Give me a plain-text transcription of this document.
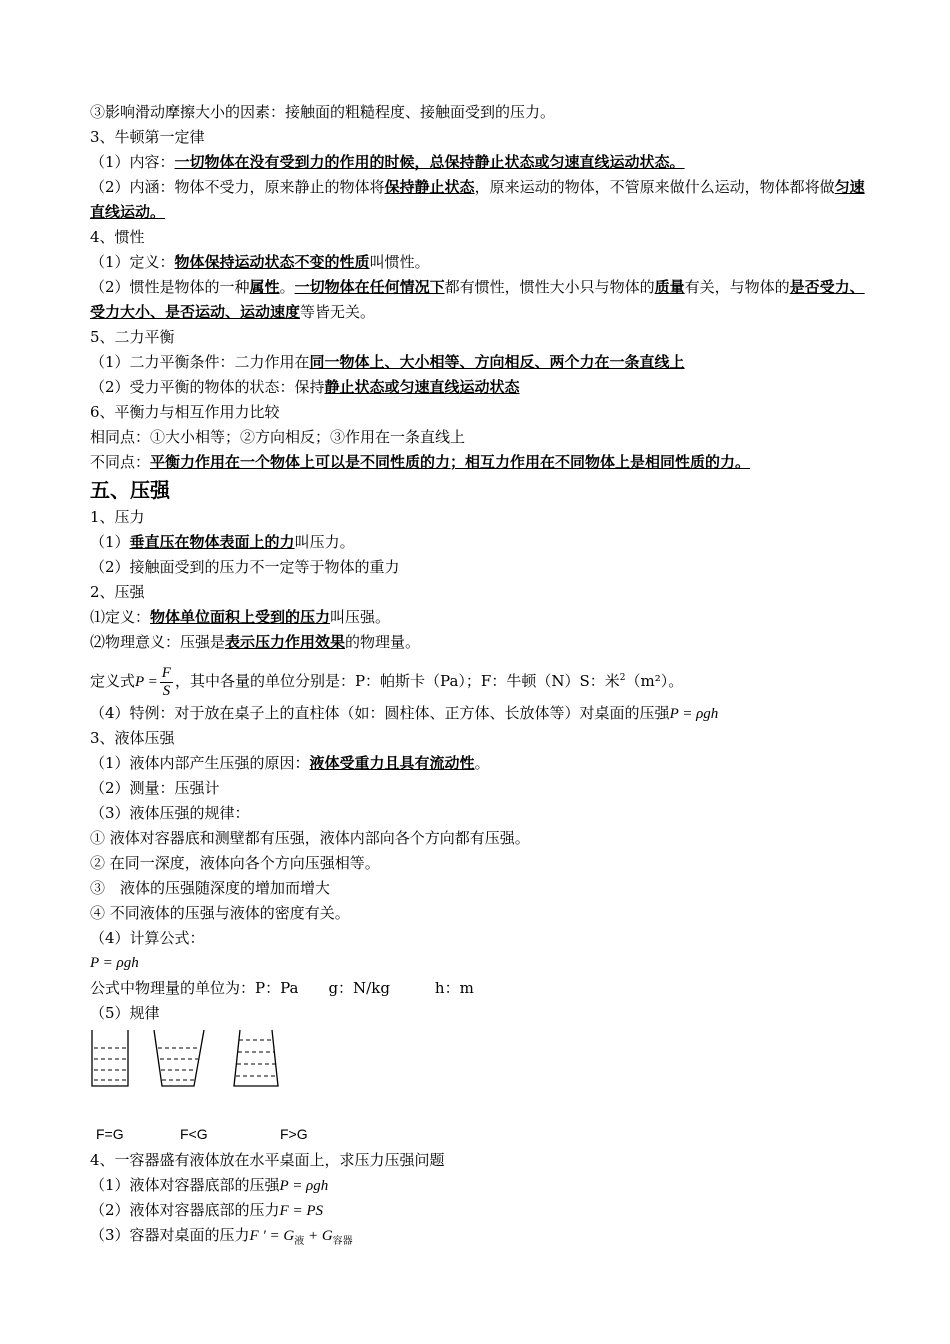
③影响滑动摩擦大小的因素：接触面的粗糙程度、接触面受到的压力。
3、牛顿第一定律
（1）内容：一切物体在没有受到力的作用的时候，总保持静止状态或匀速直线运动状态。
（2）内涵：物体不受力，原来静止的物体将保持静止状态，原来运动的物体，不管原来做什么运动，物体都将做匀速直线运动。
4、惯性
（1）定义：物体保持运动状态不变的性质叫惯性。
（2）惯性是物体的一种属性。一切物体在任何情况下都有惯性，惯性大小只与物体的质量有关，与物体的是否受力、受力大小、是否运动、运动速度等皆无关。
5、二力平衡
（1）二力平衡条件：二力作用在同一物体上、大小相等、方向相反、两个力在一条直线上
（2）受力平衡的物体的状态：保持静止状态或匀速直线运动状态
6、平衡力与相互作用力比较
相同点：①大小相等；②方向相反；③作用在一条直线上
不同点：平衡力作用在一个物体上可以是不同性质的力；相互力作用在不同物体上是相同性质的力。
五、压强
1、压力
（1）垂直压在物体表面上的力叫压力。
（2）接触面受到的压力不一定等于物体的重力
2、压强
⑴定义：物体单位面积上受到的压力叫压强。
⑵物理意义：压强是表示压力作用效果的物理量。
定义式$P = \frac{F}{S}$ ，其中各量的单位分别是：P：帕斯卡（Pa）；F：牛顿（N）S：米$^2$（m²）。
（4）特例：对于放在桌子上的直柱体（如：圆柱体、正方体、长放体等）对桌面的压强P = ρgh
3、液体压强
（1）液体内部产生压强的原因：液体受重力且具有流动性。
（2）测量：压强计
（3）液体压强的规律：
① 液体对容器底和测壁都有压强，液体内部向各个方向都有压强。
② 在同一深度，液体向各个方向压强相等。
③　液体的压强随深度的增加而增大
④ 不同液体的压强与液体的密度有关。
（4）计算公式：
P = ρgh
公式中物理量的单位为：P：Pa　　g：N/kg　　　h：m
（5）规律
F=G	F<G	F>G
4、一容器盛有液体放在水平桌面上，求压力压强问题
（1）液体对容器底部的压强P = ρgh
（2）液体对容器底部的压力F = PS
（3）容器对桌面的压力F ′ = $G_液 + G_{容器}$
